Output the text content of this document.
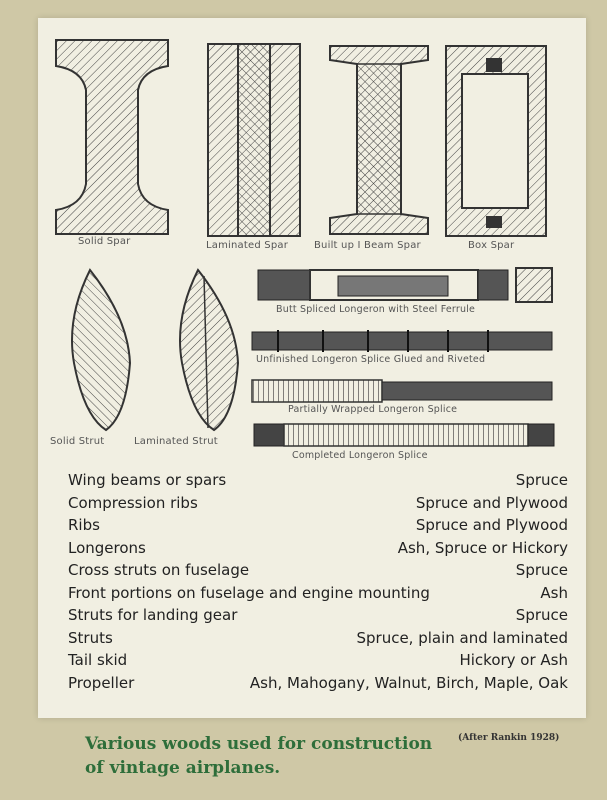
Solid Spar	Laminated Spar	Built up I Beam Spar	Box Spar
Solid Strut	Laminated Strut
Butt Spliced Longeron with Steel Ferrule
Unfinished Longeron Splice Glued and Riveted
Partially Wrapped Longeron Splice
Completed Longeron Splice
Wing beams or spars	Spruce
Compression ribs	Spruce and Plywood
Ribs	Spruce and Plywood
Longerons	Ash, Spruce or Hickory
Cross struts on fuselage	Spruce
Front portions on fuselage and engine mounting	Ash
Struts for landing gear	Spruce
Struts	Spruce, plain and laminated
Tail skid	Hickory or Ash
Propeller	Ash, Mahogany, Walnut, Birch, Maple, Oak
(After Rankin 1928)
Various woods used for construction
of vintage airplanes.
